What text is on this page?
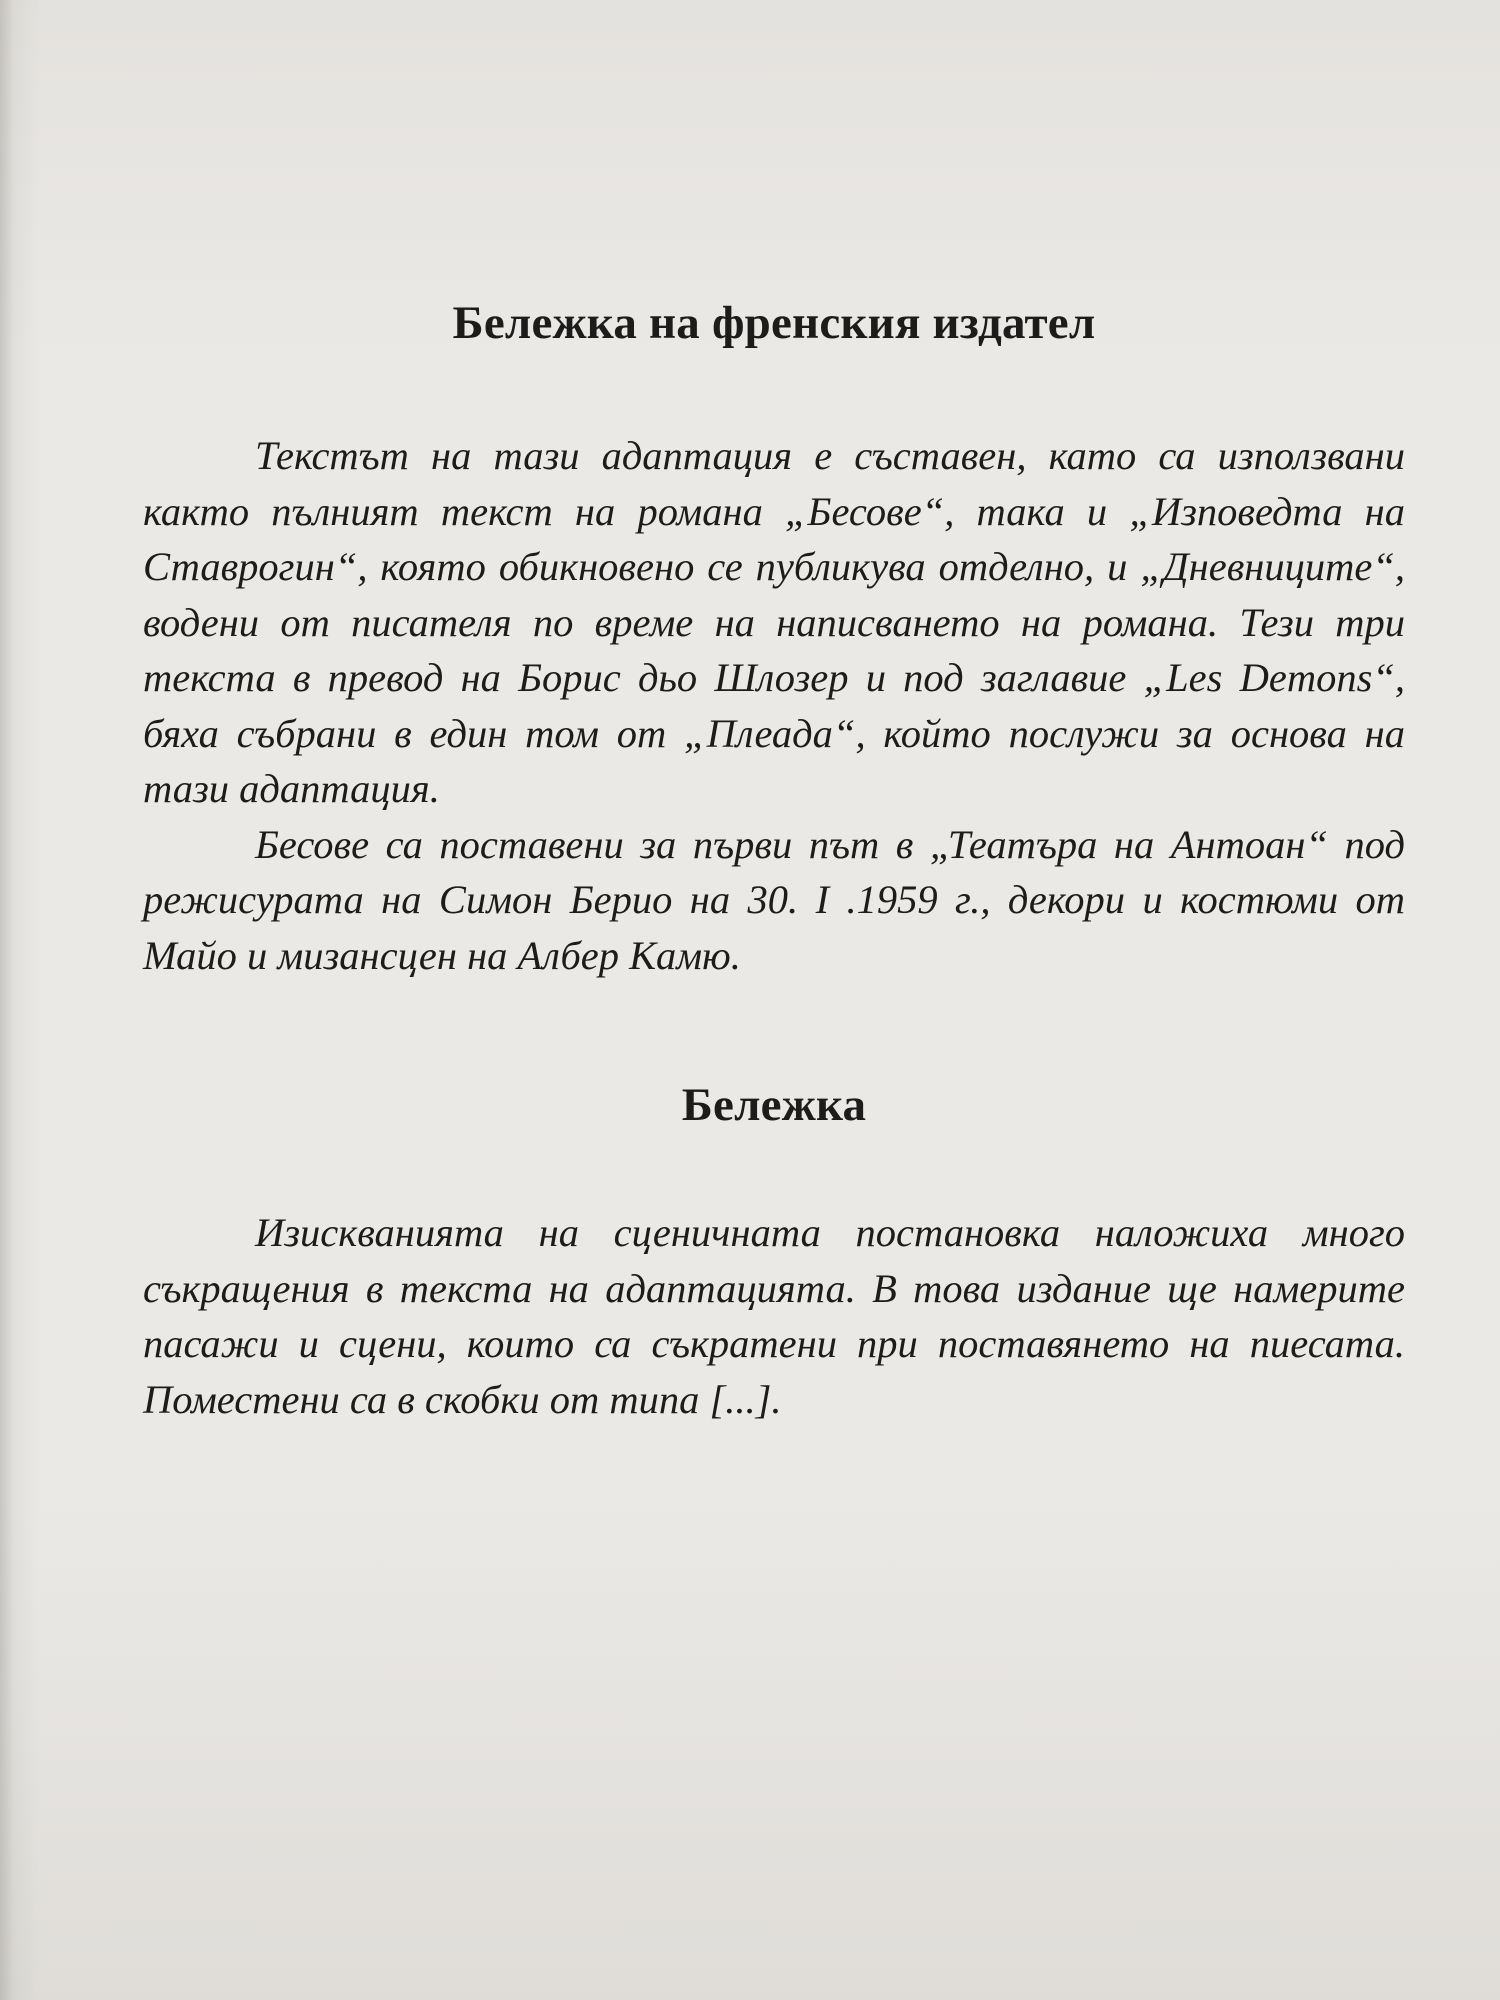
Бележка на френския издател

Текстът на тази адаптация е съставен, като са използвани както пълният текст на романа „Бесове“, така и „Изповедта на Ставрогин“, която обикновено се публикува отделно, и „Дневниците“, водени от писателя по време на написването на романа. Тези три текста в превод на Борис дьо Шлозер и под заглавие „Les Demons“, бяха събрани в един том от „Плеада“, който послужи за основа на тази адаптация.

Бесове са поставени за първи път в „Театъра на Антоан“ под режисурата на Симон Берио на 30. I .1959 г., декори и костюми от Майо и мизансцен на Албер Камю.

Бележка

Изискванията на сценичната постановка наложиха много съкращения в текста на адаптацията. В това издание ще намерите пасажи и сцени, които са съкратени при поставянето на пиесата. Поместени са в скобки от типа [...].
